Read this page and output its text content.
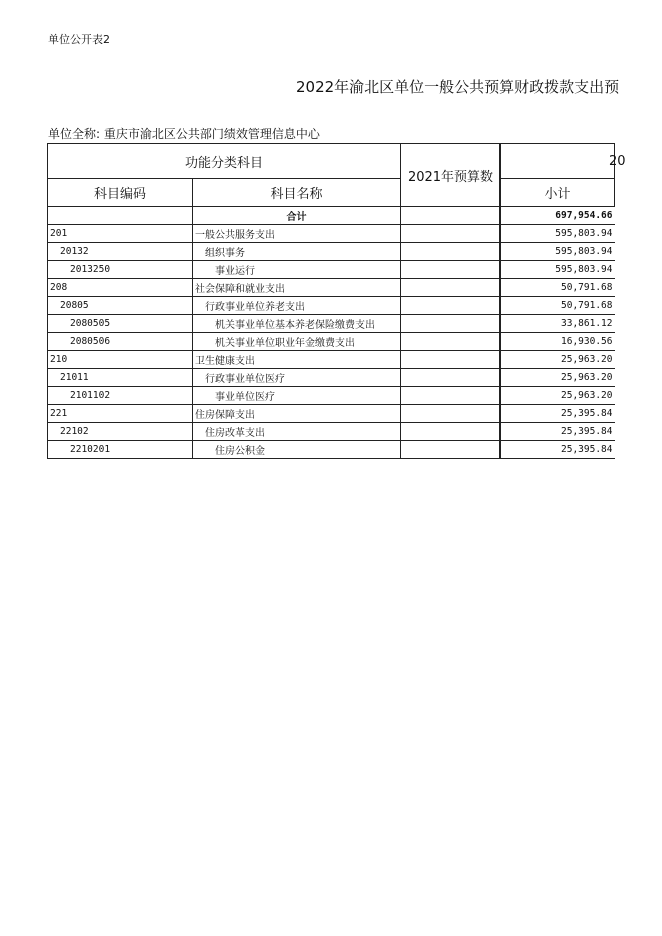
单位公开表2
2022年渝北区单位一般公共预算财政拨款支出预
单位全称: 重庆市渝北区公共部门绩效管理信息中心
功能分类科目
2021年预算数
20
科目编码	科目名称	小计
	合计		697,954.66
201	一般公共服务支出		595,803.94
20132	组织事务		595,803.94
2013250	事业运行		595,803.94
208	社会保障和就业支出		50,791.68
20805	行政事业单位养老支出		50,791.68
2080505	机关事业单位基本养老保险缴费支出		33,861.12
2080506	机关事业单位职业年金缴费支出		16,930.56
210	卫生健康支出		25,963.20
21011	行政事业单位医疗		25,963.20
2101102	事业单位医疗		25,963.20
221	住房保障支出		25,395.84
22102	住房改革支出		25,395.84
2210201	住房公积金		25,395.84
